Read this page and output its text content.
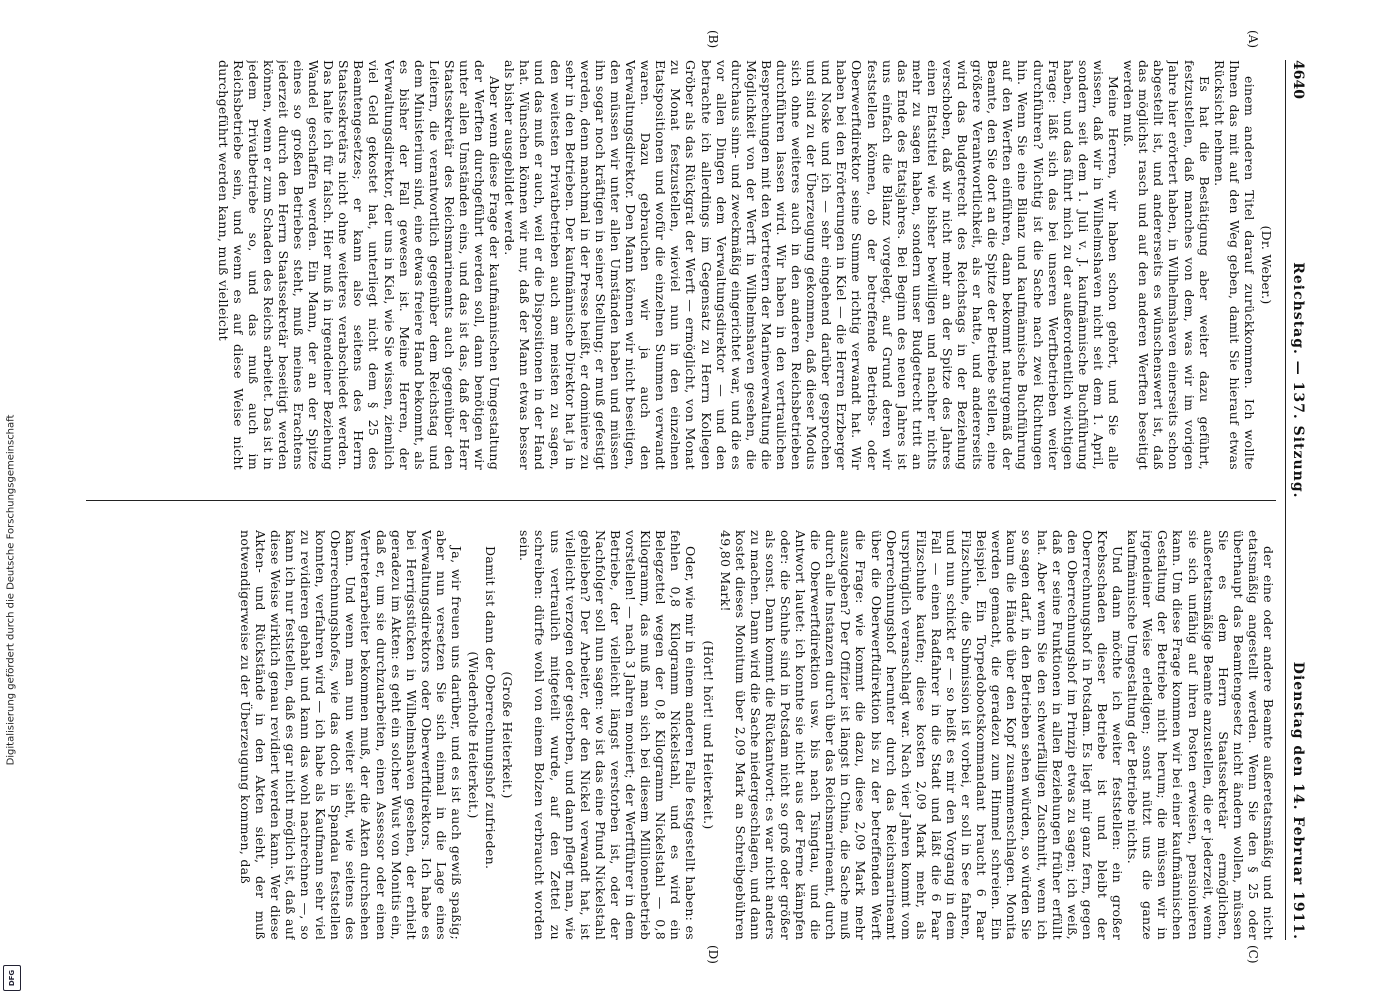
Digitalisierung gefördert durch die Deutsche Forschungsgemeinschaft
DFG
4640
Reichstag. — 137. Sitzung.
Dienstag den 14. Februar 1911.
(A)
(B)
(C)
(D)

(Dr. Weber.)

einem anderen Titel darauf zurückkommen. Ich wollte Ihnen das mit auf den Weg geben, damit Sie hierauf etwas Rücksicht nehmen.

Es hat die Bestätigung aber weiter dazu geführt, festzustellen, daß manches von dem, was wir im vorigen Jahre hier erörtert haben, in Wilhelmshaven einerseits schon abgestellt ist, und andererseits es wünschenswert ist, daß das möglichst rasch und auf den anderen Werften beseitigt werden muß.

Meine Herren, wir haben schon gehört, und Sie alle wissen, daß wir in Wilhelmshaven nicht seit dem 1. April, sondern seit dem 1. Juli v. J. kaufmännische Buchführung haben, und das führt mich zu der außerordentlich wichtigen Frage: läßt sich das bei unseren Werftbetrieben weiter durchführen? Wichtig ist die Sache nach zwei Richtungen hin. Wenn Sie eine Bilanz und kaufmännische Buchführung auf den Werften einführen, dann bekommt naturgemäß der Beamte, den Sie dort an die Spitze der Betriebe stellen, eine größere Verantwortlichkeit, als er hatte, und andererseits wird das Budgetrecht des Reichstags in der Beziehung verschoben, daß wir nicht mehr an der Spitze des Jahres einen Etatstitel wie bisher bewilligen und nachher nichts mehr zu sagen haben, sondern unser Budgetrecht tritt an das Ende des Etatsjahres. Bei Beginn des neuen Jahres ist uns einfach die Bilanz vorgelegt, auf Grund deren wir feststellen können, ob der betreffende Betriebs- oder Oberwerftdirektor seine Summe richtig verwandt hat. Wir haben bei den Erörterungen in Kiel — die Herren Erzberger und Noske und ich — sehr eingehend darüber gesprochen und sind zu der Überzeugung gekommen, daß dieser Modus sich ohne weiteres auch in den anderen Reichsbetrieben durchführen lassen wird. Wir haben in den vertraulichen Besprechungen mit den Vertretern der Marineverwaltung die Möglichkeit von der Werft in Wilhelmshaven gesehen, die durchaus sinn- und zweckmäßig eingerichtet war, und die es vor allen Dingen dem Verwaltungsdirektor — und den betrachte ich allerdings im Gegensatz zu Herrn Kollegen Gröber als das Rückgrat der Werft — ermöglicht, von Monat zu Monat festzustellen, wieviel nun in den einzelnen Etatspositionen und wofür die einzelnen Summen verwandt waren. Dazu gebrauchen wir ja auch den Verwaltungsdirektor. Den Mann können wir nicht beseitigen, den müssen wir unter allen Umständen haben und müssen ihn sogar noch kräftigen in seiner Stellung; er muß gefestigt werden, denn manchmal in der Presse heißt, er dominiere zu sehr in den Betrieben. Der kaufmännische Direktor hat ja in den weitesten Privatbetrieben auch am meisten zu sagen, und das muß er auch, weil er die Dispositionen in der Hand hat. Wünschen können wir nur, daß der Mann etwas besser als bisher ausgebildet werde.

Aber wenn diese Frage der kaufmännischen Umgestaltung der Werften durchgeführt werden soll, dann benötigen wir unter allen Umständen eins, und das ist das, daß der Herr Staatssekretär des Reichsmarineamts auch gegenüber den Leitern, die verantwortlich gegenüber dem Reichstag und dem Ministerium sind, eine etwas freiere Hand bekommt, als es bisher der Fall gewesen ist. Meine Herren, der Verwaltungsdirektor, der uns in Kiel, wie Sie wissen, ziemlich viel Geld gekostet hat, unterliegt nicht dem § 25 des Beamtengesetzes; er kann also seitens des Herrn Staatssekretärs nicht ohne weiteres verabschiedet werden. Das halte ich für falsch. Hier muß in irgendeiner Beziehung Wandel geschaffen werden. Ein Mann, der an der Spitze eines so großen Betriebes steht, muß meines Erachtens jederzeit durch den Herrn Staatssekretär beseitigt werden können, wenn er zum Schaden des Reichs arbeitet. Das ist in jedem Privatbetriebe so, und das muß auch im Reichsbetriebe sein, und wenn es auf diese Weise nicht durchgeführt werden kann, muß vielleicht

der eine oder andere Beamte außeretatsmäßig und nicht etatsmäßig angestellt werden. Wenn Sie den § 25 oder überhaupt das Beamtengesetz nicht ändern wollen, müssen Sie es dem Herrn Staatssekretär ermöglichen, außeretatsmäßige Beamte anzustellen, die er jederzeit, wenn sie sich unfähig auf ihren Posten erweisen, pensionieren kann. Um diese Frage kommen wir bei einer kaufmännischen Gestaltung der Betriebe nicht herum; die müssen wir in irgendeiner Weise erledigen; sonst nützt uns die ganze kaufmännische Umgestaltung der Betriebe nichts.

Und dann möchte ich weiter feststellen: ein großer Krebsschaden dieser Betriebe ist und bleibt der Oberrechnungshof in Potsdam. Es liegt mir ganz fern, gegen den Oberrechnungshof im Prinzip etwas zu sagen; ich weiß, daß er seine Funktionen in allen Beziehungen früher erfüllt hat. Aber wenn Sie den schwerfälligen Zuschnitt, wenn ich so sagen darf, in den Betrieben sehen würden, so würden Sie kaum die Hände über den Kopf zusammenschlagen. Monita werden gemacht, die geradezu zum Himmel schreien. Ein Beispiel. Ein Torpedobootskommandant braucht 6 Paar Filzschuhe, die Submission ist vorbei, er soll in See fahren, und nun schickt er — so heißt es mir den Vorgang in dem Fall — einen Radfahrer in die Stadt und läßt die 6 Paar Filzschuhe kaufen; diese kosten 2,09 Mark mehr, als ursprünglich veranschlagt war. Nach vier Jahren kommt vom Oberrechnungshof herunter durch das Reichsmarineamt über die Oberwerftdirektion bis zu der betreffenden Werft die Frage: wie kommt die dazu, diese 2,09 Mark mehr auszugeben? Der Offizier ist längst in China, die Sache muß durch alle Instanzen durch über das Reichsmarineamt, durch die Oberwerftdirektion usw. bis nach Tsingtau, und die Antwort lautet: ich konnte sie nicht aus der Ferne kämpfen oder: die Schuhe sind in Potsdam nicht so groß oder größer als sonst. Dann kommt die Rückantwort: es war nicht anders zu machen. Dann wird die Sache niedergeschlagen, und dann kostet dieses Monitum über 2,09 Mark an Schreibgebühren 49,80 Mark!

(Hört! hört! und Heiterkeit.)

Oder, wie mir in einem anderen Falle festgestellt haben: es fehlen 0,8 Kilogramm Nickelstahl, und es wird ein Belegzettel wegen der 0,8 Kilogramm Nickelstahl — 0,8 Kilogramm, das muß man sich bei diesem Millionenbetrieb vorstellen! — nach 3 Jahren moniert; der Werftführer in dem Betriebe, der vielleicht längst verstorben ist, oder der Nachfolger soll nun sagen: wo ist das eine Pfund Nickelstahl geblieben? Der Arbeiter, der den Nickel verwandt hat, ist vielleicht verzogen oder gestorben, und dann pflegt man, wie uns vertraulich mitgeteilt wurde, auf den Zettel zu schreiben: dürfte wohl von einem Bolzen verbraucht worden sein.

(Große Heiterkeit.)

Damit ist dann der Oberrechnungshof zufrieden.

(Wiederholte Heiterkeit.)

Ja, wir freuen uns darüber, und es ist auch gewiß spaßig; aber nun versetzen Sie sich einmal in die Lage eines Verwaltungsdirektors oder Oberwerftdirektors. Ich habe es bei Herrigsstücken in Wilhelmshaven gesehen, der erhielt geradezu im Akten: es geht ein solcher Wust von Monitis ein, daß er, um sie durchzuarbeiten, einen Assessor oder einen Vertreterarbeiter bekommen muß, der die Akten durchsehen kann. Und wenn man nun weiter sieht, wie seitens des Oberrechnungshofes, wie das doch in Spandau feststellen konnten, verfahren wird — ich habe als Kaufmann sehr viel zu revidieren gehabt und kann das wohl nachrechnen —, so kann ich nur feststellen, daß es gar nicht möglich ist, daß auf diese Weise wirklich genau revidiert werden kann. Wer diese Akten- und Rückstände in den Akten sieht, der muß notwendigerweise zu der Überzeugung kommen, daß
